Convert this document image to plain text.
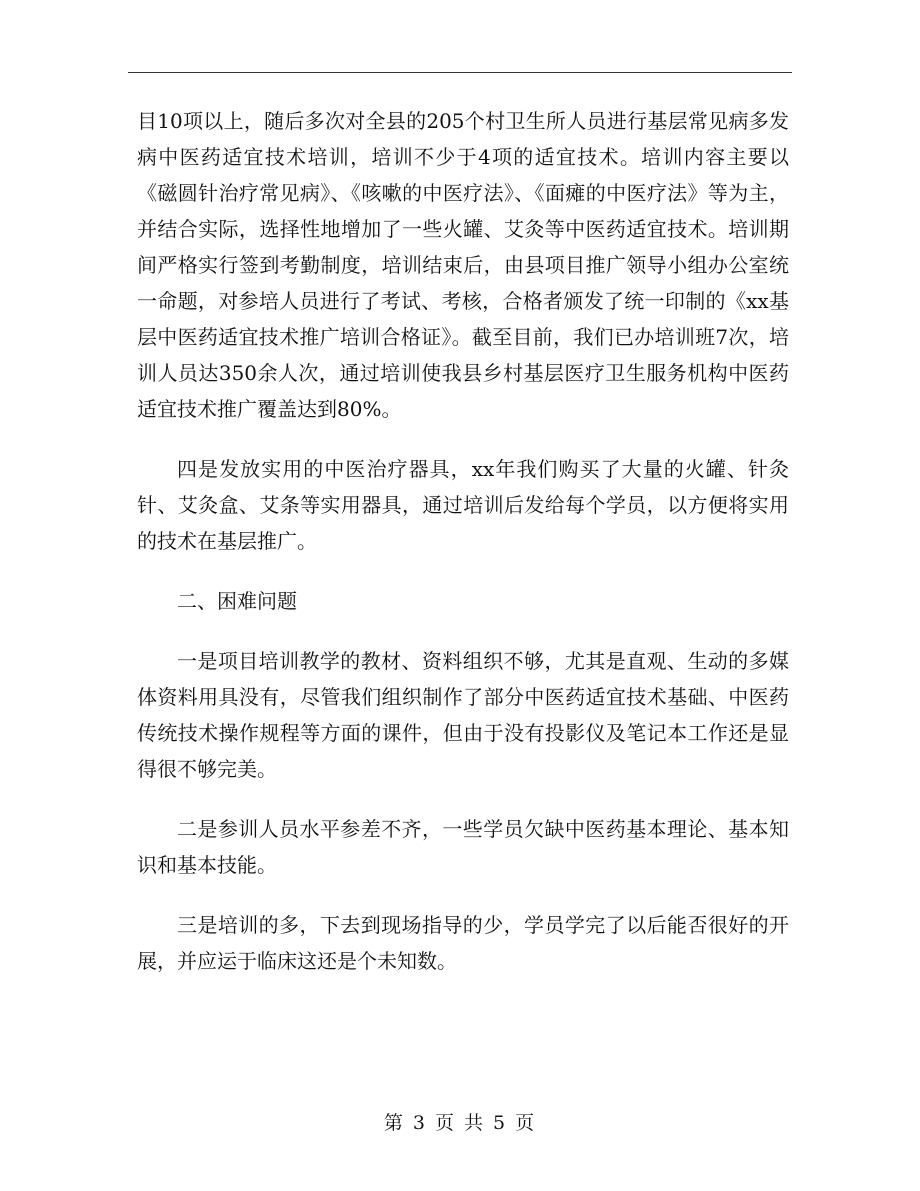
目10项以上，随后多次对全县的205个村卫生所人员进行基层常见病多发病中医药适宜技术培训，培训不少于4项的适宜技术。培训内容主要以《磁圆针治疗常见病》、《咳嗽的中医疗法》、《面瘫的中医疗法》等为主，并结合实际，选择性地增加了一些火罐、艾灸等中医药适宜技术。培训期间严格实行签到考勤制度，培训结束后，由县项目推广领导小组办公室统一命题，对参培人员进行了考试、考核，合格者颁发了统一印制的《xx基层中医药适宜技术推广培训合格证》。截至目前，我们已办培训班7次，培训人员达350余人次，通过培训使我县乡村基层医疗卫生服务机构中医药适宜技术推广覆盖达到80%。

四是发放实用的中医治疗器具，xx年我们购买了大量的火罐、针灸针、艾灸盒、艾条等实用器具，通过培训后发给每个学员，以方便将实用的技术在基层推广。

二、困难问题

一是项目培训教学的教材、资料组织不够，尤其是直观、生动的多媒体资料用具没有，尽管我们组织制作了部分中医药适宜技术基础、中医药传统技术操作规程等方面的课件，但由于没有投影仪及笔记本工作还是显得很不够完美。

二是参训人员水平参差不齐，一些学员欠缺中医药基本理论、基本知识和基本技能。

三是培训的多，下去到现场指导的少，学员学完了以后能否很好的开展，并应运于临床这还是个未知数。

第 3 页 共 5 页
